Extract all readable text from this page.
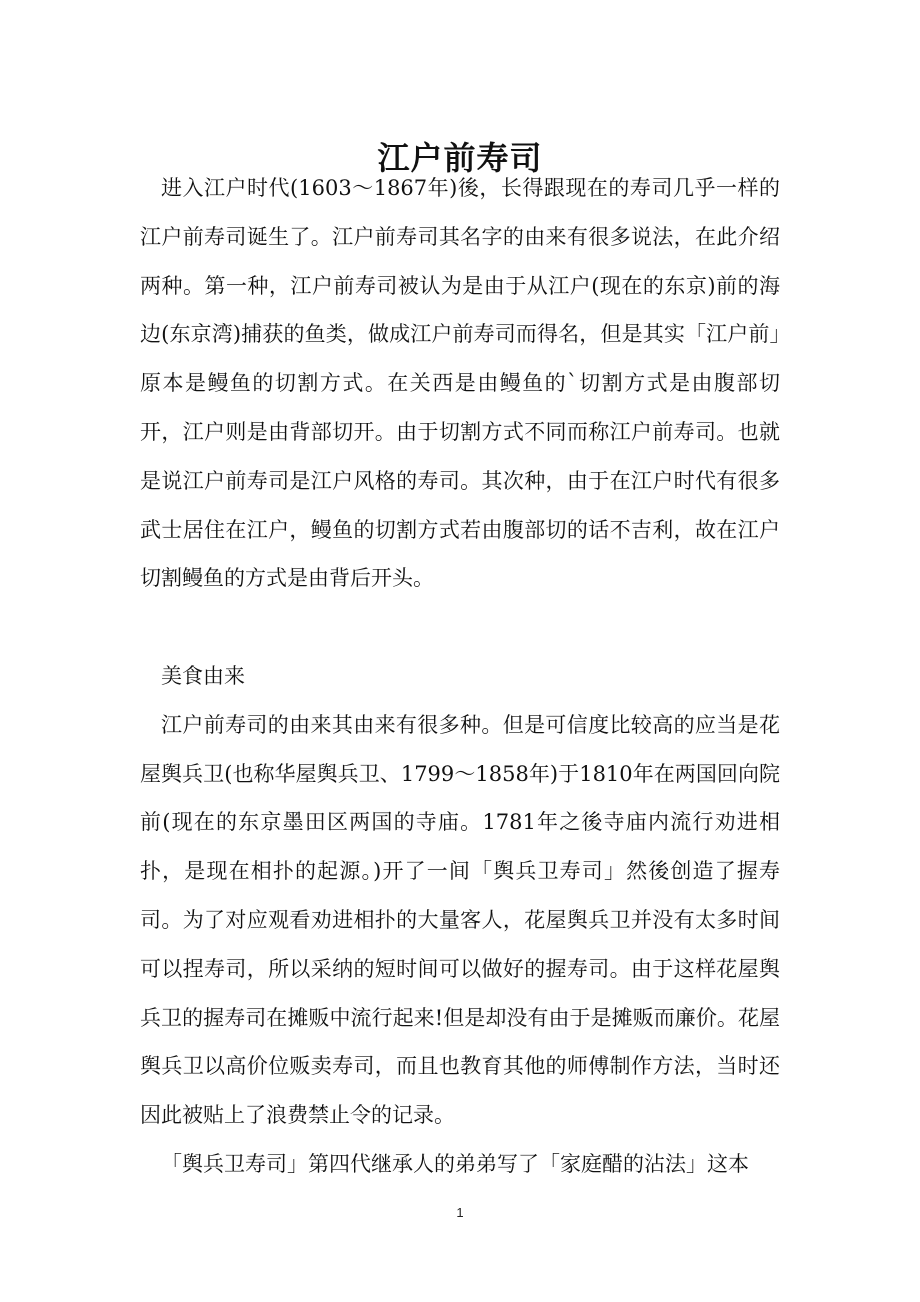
江户前寿司

进入江户时代(1603～1867年)後，长得跟现在的寿司几乎一样的江户前寿司诞生了。江户前寿司其名字的由来有很多说法，在此介绍两种。第一种，江户前寿司被认为是由于从江户(现在的东京)前的海边(东京湾)捕获的鱼类，做成江户前寿司而得名，但是其实「江户前」原本是鳗鱼的切割方式。在关西是由鳗鱼的`切割方式是由腹部切开，江户则是由背部切开。由于切割方式不同而称江户前寿司。也就是说江户前寿司是江户风格的寿司。其次种，由于在江户时代有很多武士居住在江户，鳗鱼的切割方式若由腹部切的话不吉利，故在江户切割鳗鱼的方式是由背后开头。

美食由来

江户前寿司的由来其由来有很多种。但是可信度比较高的应当是花屋舆兵卫(也称华屋舆兵卫、1799～1858年)于1810年在两国回向院前(现在的东京墨田区两国的寺庙。1781年之後寺庙内流行劝进相扑，是现在相扑的起源。)开了一间「舆兵卫寿司」然後创造了握寿司。为了对应观看劝进相扑的大量客人，花屋舆兵卫并没有太多时间可以捏寿司，所以采纳的短时间可以做好的握寿司。由于这样花屋舆兵卫的握寿司在摊贩中流行起来!但是却没有由于是摊贩而廉价。花屋舆兵卫以高价位贩卖寿司，而且也教育其他的师傅制作方法，当时还因此被贴上了浪费禁止令的记录。

「舆兵卫寿司」第四代继承人的弟弟写了「家庭醋的沾法」这本

1
